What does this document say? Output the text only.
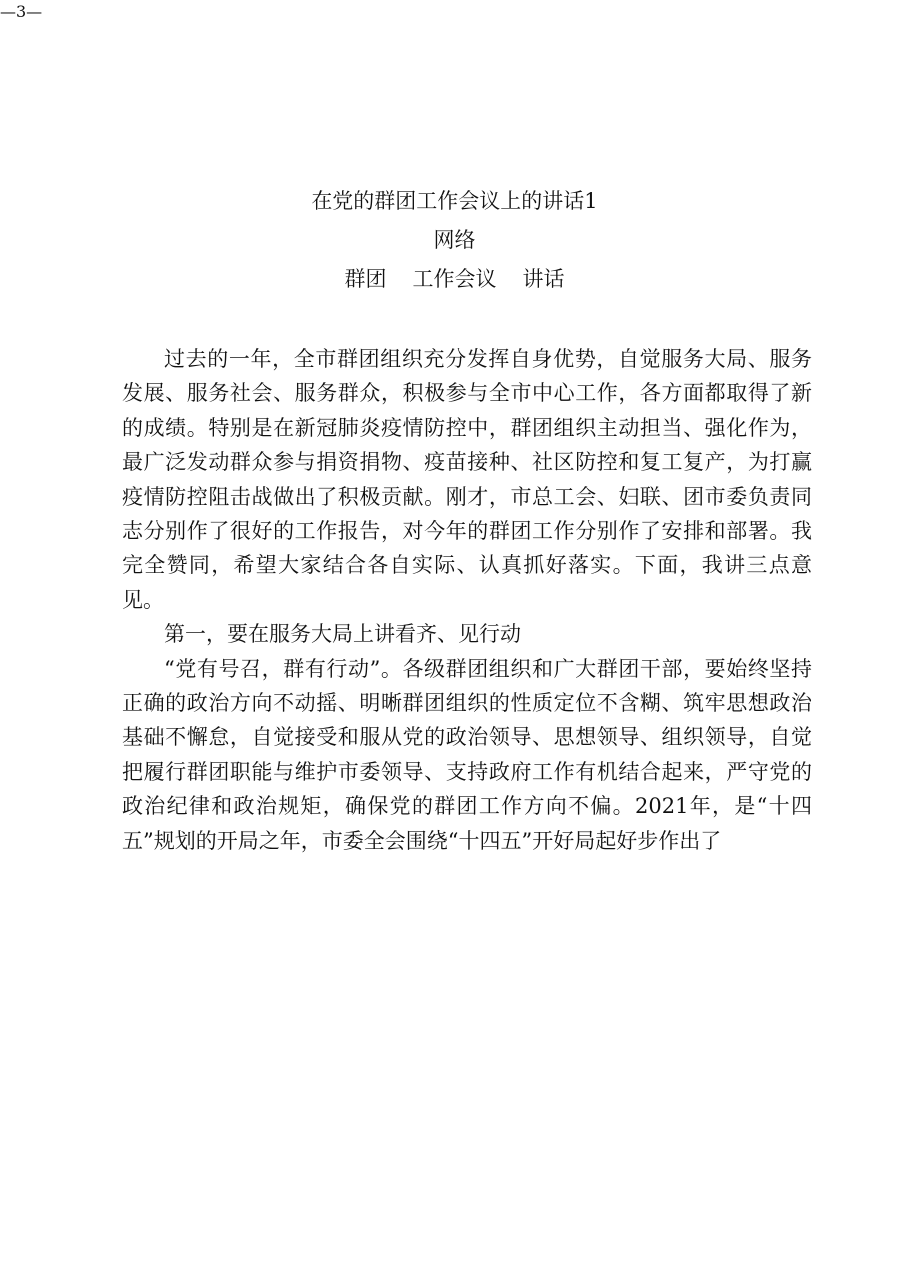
—3—
在党的群团工作会议上的讲话1
网络
群团 工作会议 讲话

过去的一年，全市群团组织充分发挥自身优势，自觉服务大局、服务发展、服务社会、服务群众，积极参与全市中心工作，各方面都取得了新的成绩。特别是在新冠肺炎疫情防控中，群团组织主动担当、强化作为，最广泛发动群众参与捐资捐物、疫苗接种、社区防控和复工复产，为打赢疫情防控阻击战做出了积极贡献。刚才，市总工会、妇联、团市委负责同志分别作了很好的工作报告，对今年的群团工作分别作了安排和部署。我完全赞同，希望大家结合各自实际、认真抓好落实。下面，我讲三点意见。

第一，要在服务大局上讲看齐、见行动

“党有号召，群有行动”。各级群团组织和广大群团干部，要始终坚持正确的政治方向不动摇、明晰群团组织的性质定位不含糊、筑牢思想政治基础不懈怠，自觉接受和服从党的政治领导、思想领导、组织领导，自觉把履行群团职能与维护市委领导、支持政府工作有机结合起来，严守党的政治纪律和政治规矩，确保党的群团工作方向不偏。2021年，是“十四五”规划的开局之年，市委全会围绕“十四五”开好局起好步作出了
